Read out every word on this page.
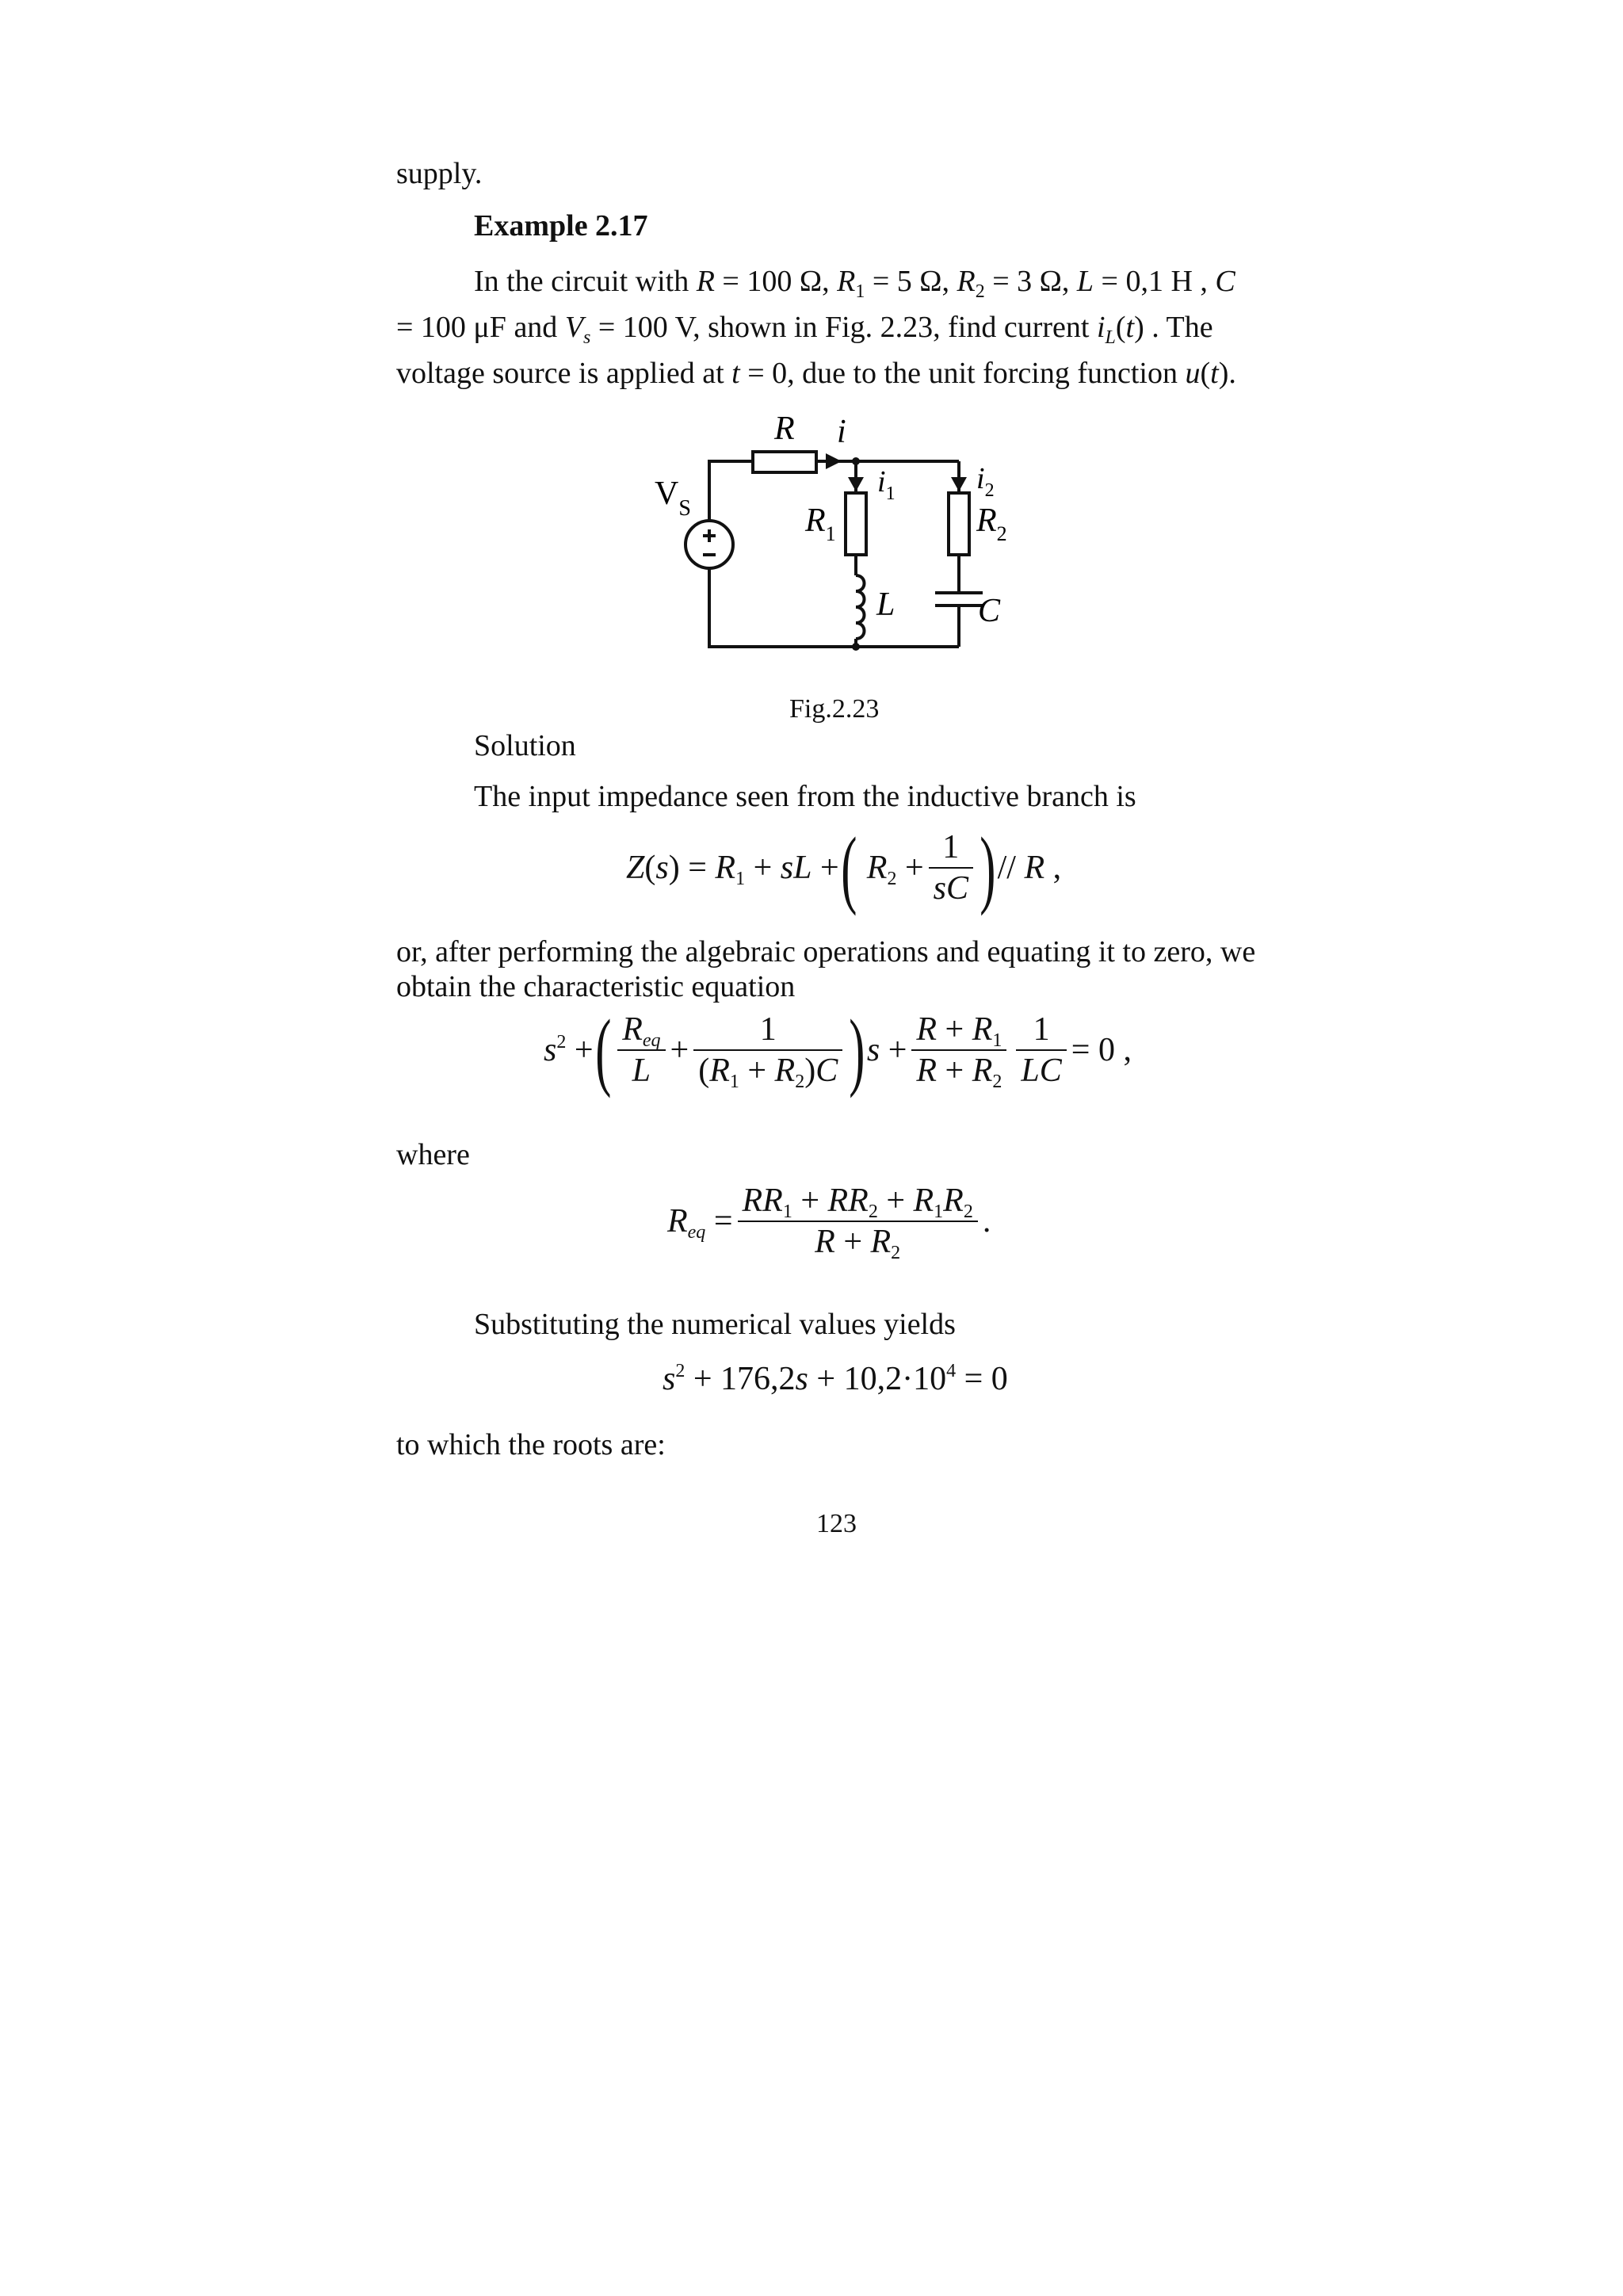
supply.
Example 2.17
In the circuit with R = 100 Ω, $R_1 = 5$ Ω, $R_2 = 3$ Ω, L = 0,1 H , C
= 100 μF and $V_s = 100$ V, shown in Fig. 2.23, find current $i_L(t)$ . The
voltage source is applied at t = 0, due to the unit forcing function u(t).
R i
$i_1$	$i_2$
$V_S$	$R_1$	$R_2$
L C
Fig.2.23
Solution
The input impedance seen from the inductive branch is
$Z(s) = R_1$ + sL +( $R_2 + \frac{1}{sC}$ )// R ,
or, after performing the algebraic operations and equating it to zero, we
obtain the characteristic equation
$s^2$ +( $\frac{R_{eq}}{L} + \frac{1}{(R_1 + R_2)C} )s + \frac{R + R_1}{R + R_2} \frac{1}{LC} = 0$ ,
where
$R_{eq} = \frac{RR_1 + RR_2 + R_1R_2}{R + R_2}$ .
Substituting the numerical values yields
$s^2 + 176,2s + 10,2\cdot 10^4 = 0$
to which the roots are:
123
